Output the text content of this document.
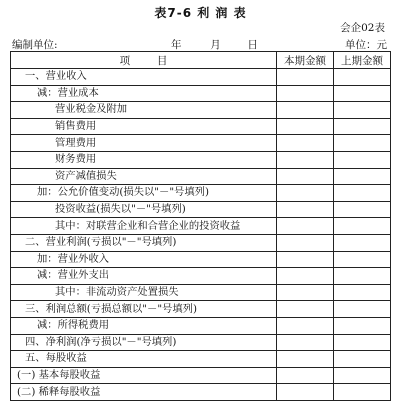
表7-6 利 润 表
会企02表
编制单位:	年	月	日	单位：元
项        目	本期金额	上期金额
一、营业收入		
减：营业成本		
营业税金及附加		
销售费用		
管理费用		
财务费用		
资产减值损失		
加：公允价值变动(损失以"－"号填列)		
投资收益(损失以"－"号填列)		
其中：对联营企业和合营企业的投资收益		
二、营业利润(亏损以"－"号填列)		
加：营业外收入		
减：营业外支出		
其中：非流动资产处置损失		
三、利润总额(亏损总额以"－"号填列)		
减：所得税费用		
四、净利润(净亏损以"－"号填列)		
五、每股收益		
(一) 基本每股收益		
(二) 稀释每股收益		
